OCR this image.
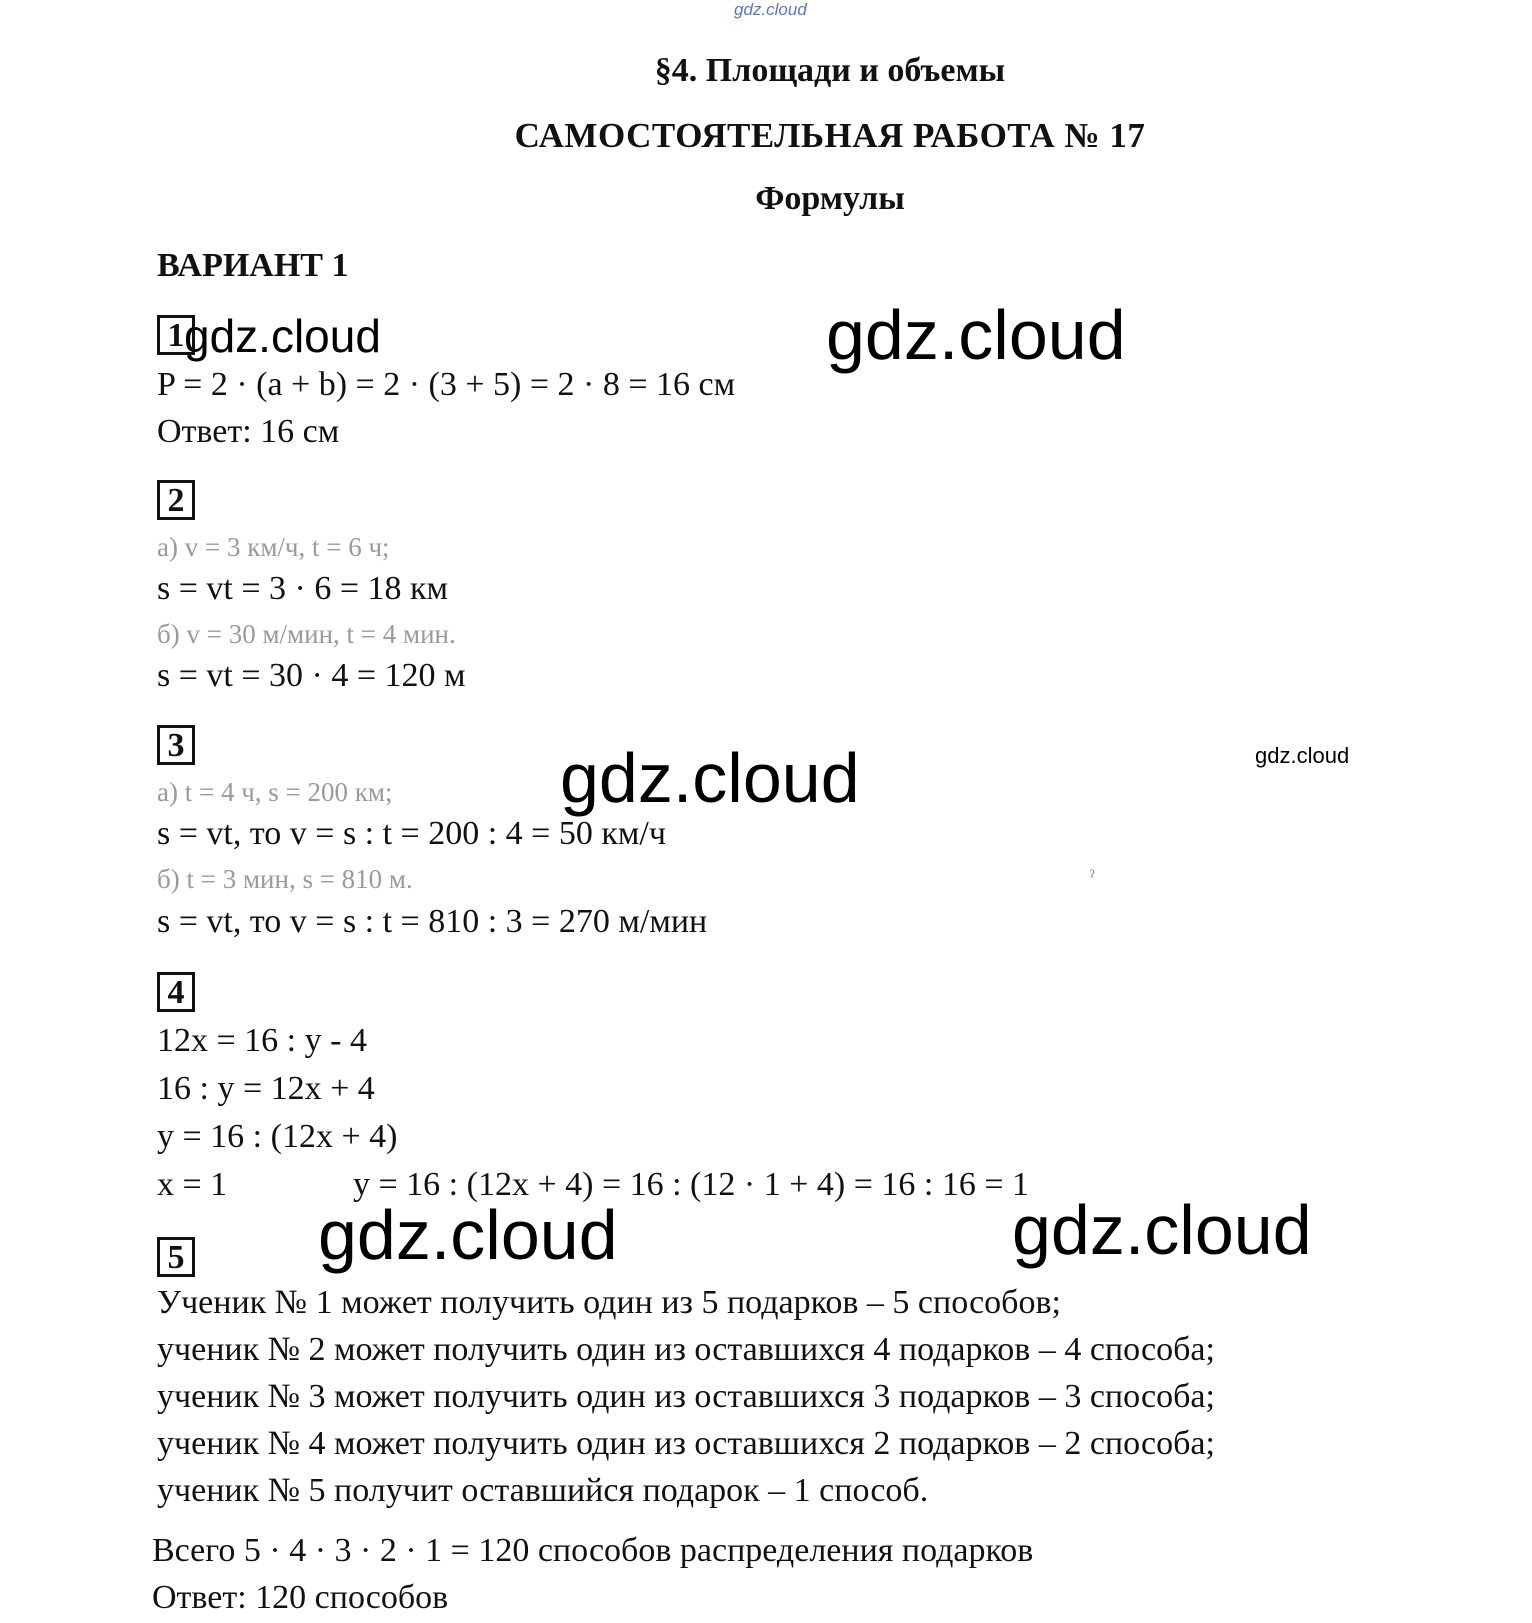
gdz.cloud
§4. Площади и объемы
САМОСТОЯТЕЛЬНАЯ РАБОТА № 17
Формулы
ВАРИАНТ 1
1 gdz.cloud	gdz.cloud
P = 2 · (a + b) = 2 · (3 + 5) = 2 · 8 = 16 см
Ответ: 16 см
2
а) v = 3 км/ч, t = 6 ч;
s = vt = 3 · 6 = 18 км
б) v = 30 м/мин, t = 4 мин.
s = vt = 30 · 4 = 120 м
3
а) t = 4 ч, s = 200 км; gdz.cloud	gdz.cloud
s = vt, то v = s : t = 200 : 4 = 50 км/ч
б) t = 3 мин, s = 810 м.	ˀ
s = vt, то v = s : t = 810 : 3 = 270 м/мин
4
12x = 16 : y - 4
16 : y = 12x + 4
y = 16 : (12x + 4)
x = 1	y = 16 : (12x + 4) = 16 : (12 · 1 + 4) = 16 : 16 = 1
5 gdz.cloud	gdz.cloud
Ученик № 1 может получить один из 5 подарков – 5 способов;
ученик № 2 может получить один из оставшихся 4 подарков – 4 способа;
ученик № 3 может получить один из оставшихся 3 подарков – 3 способа;
ученик № 4 может получить один из оставшихся 2 подарков – 2 способа;
ученик № 5 получит оставшийся подарок – 1 способ.
Всего 5 · 4 · 3 · 2 · 1 = 120 способов распределения подарков
Ответ: 120 способов
